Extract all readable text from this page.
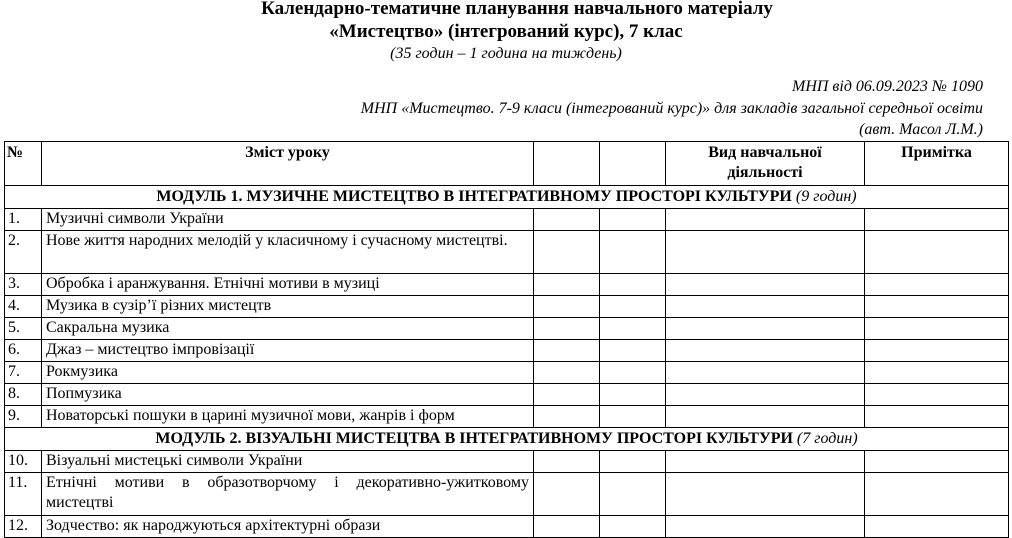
Календарно-тематичне планування навчального матеріалу
«Мистецтво» (інтегрований курс), 7 клас
(35 годин – 1 година на тиждень)
МНП від 06.09.2023 № 1090
МНП «Мистецтво. 7-9 класи (інтегрований курс)» для закладів загальної середньої освіти
(авт. Масол Л.М.)
№	Зміст уроку			Вид навчальної діяльності	Примітка
МОДУЛЬ 1. МУЗИЧНЕ МИСТЕЦТВО В ІНТЕГРАТИВНОМУ ПРОСТОРІ КУЛЬТУРИ (9 годин)					
1.	Музичні символи України				
2.	Нове життя народних мелодій у класичному і сучасному мистецтві.				
3.	Обробка і аранжування. Етнічні мотиви в музиці				
4.	Музика в сузір’ї різних мистецтв				
5.	Сакральна музика				
6.	Джаз – мистецтво імпровізації				
7.	Рокмузика				
8.	Попмузика				
9.	Новаторські пошуки в царині музичної мови, жанрів і форм				
МОДУЛЬ 2. ВІЗУАЛЬНІ МИСТЕЦТВА В ІНТЕГРАТИВНОМУ ПРОСТОРІ КУЛЬТУРИ (7 годин)					
10.	Візуальні мистецькі символи України				
11.	Етнічні мотиви в образотворчому і декоративно-ужитковому мистецтві				
12.	Зодчество: як народжуються архітектурні образи				
